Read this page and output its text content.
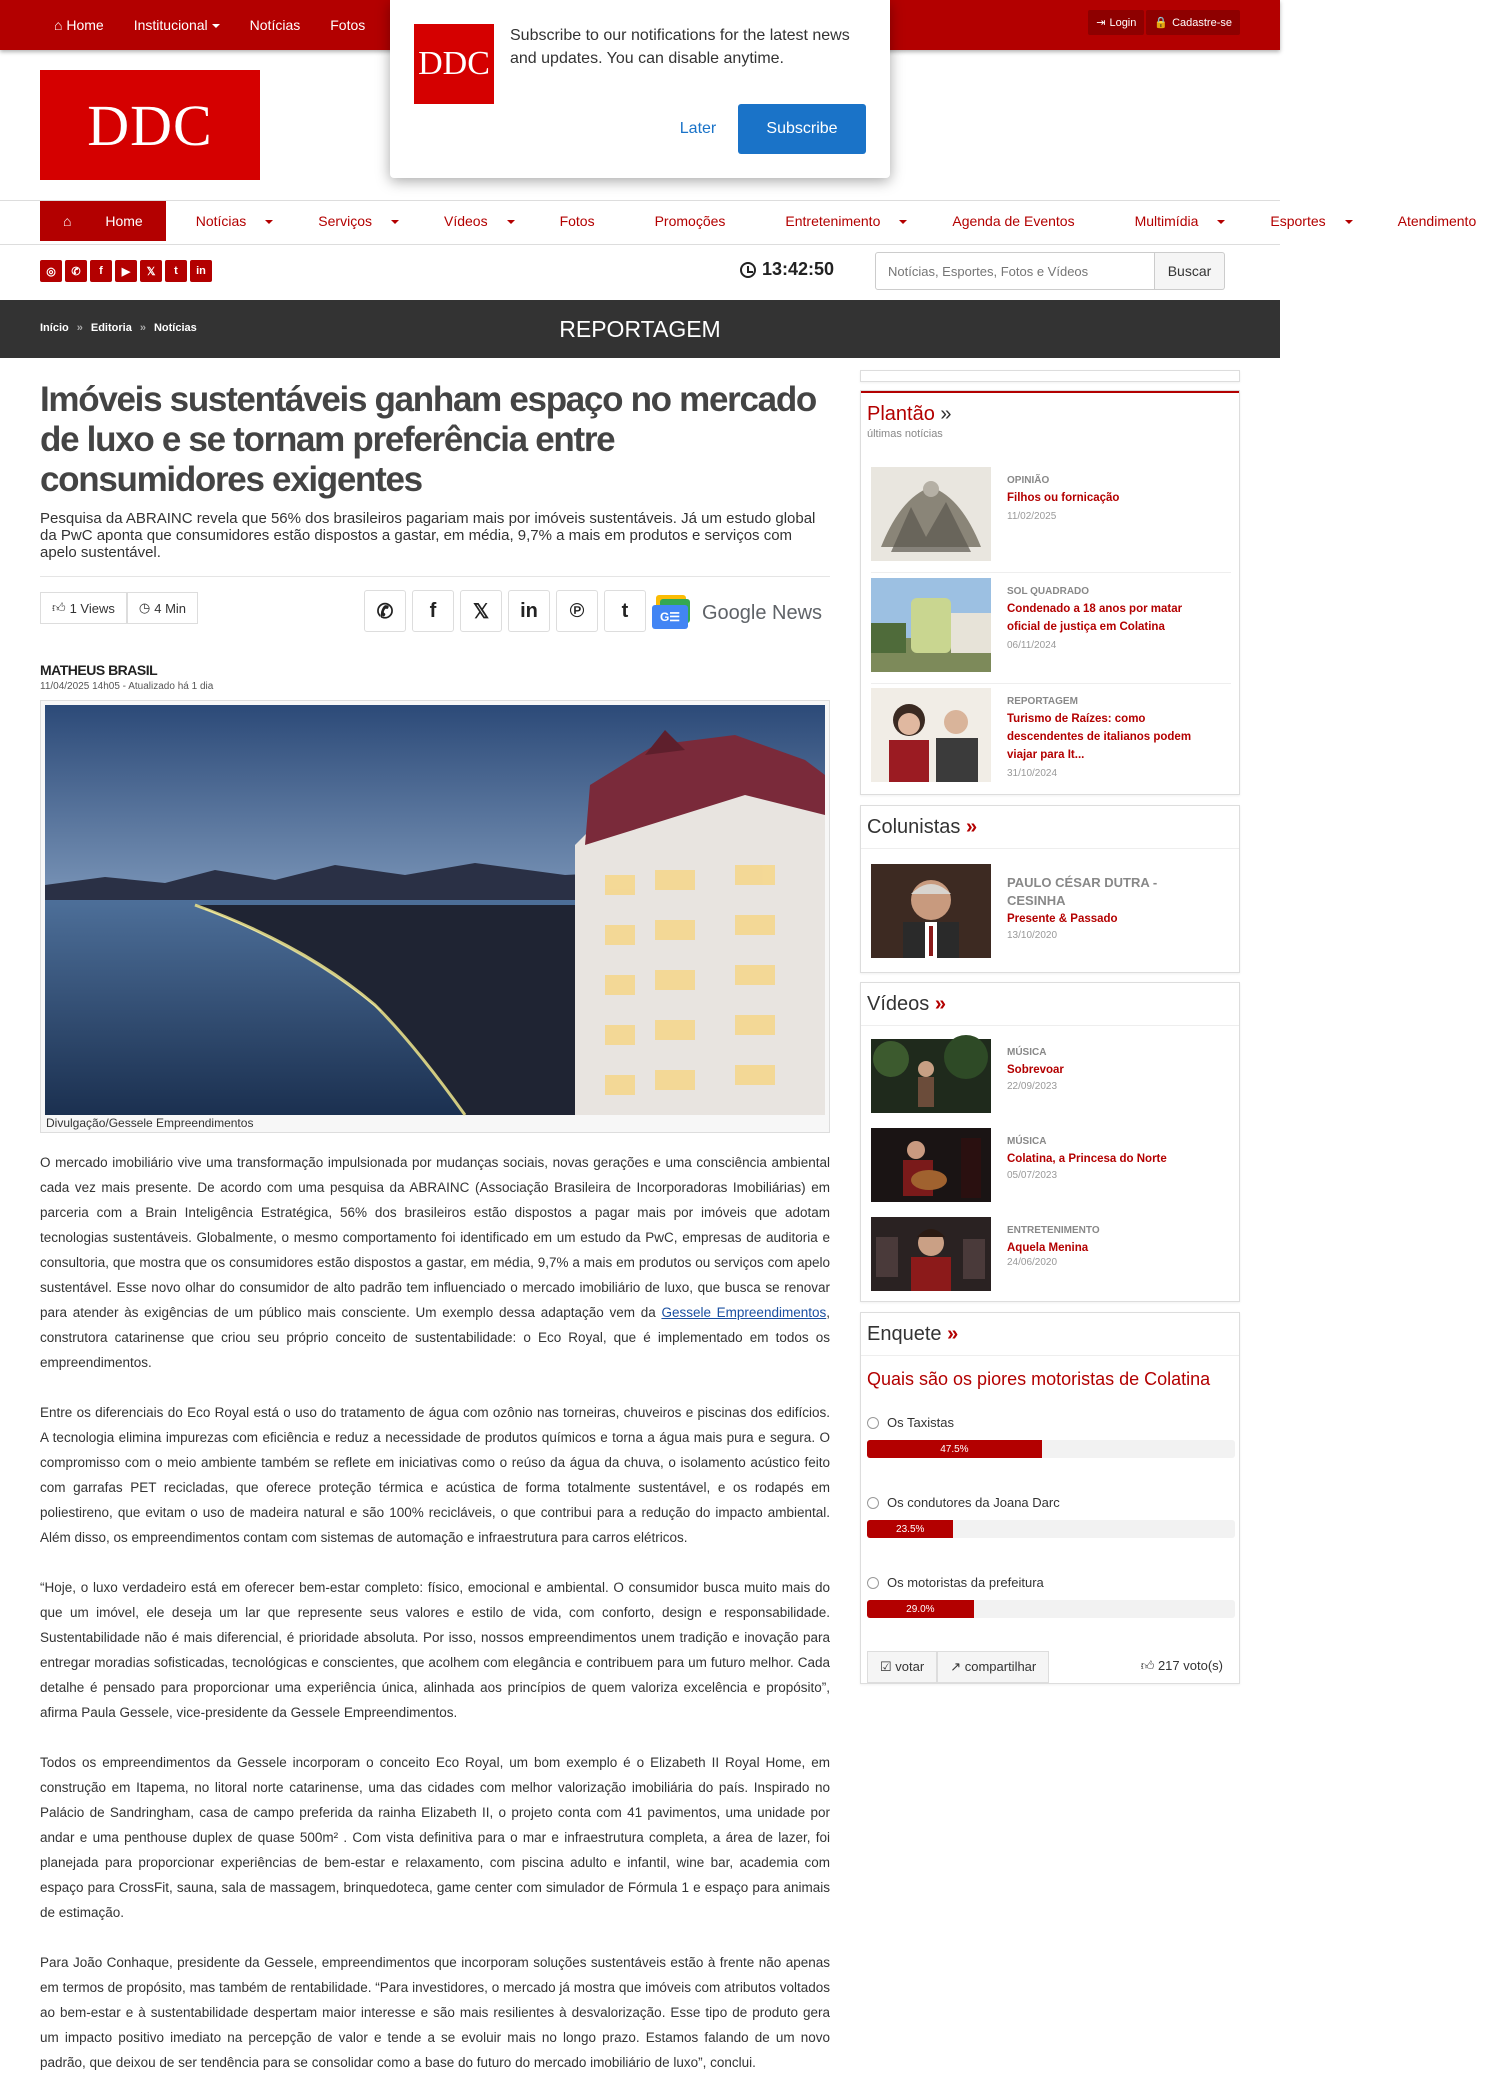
⌂ Home Institucional	Notícias Fotos	⇥ Login 🔒 Cadastre-se
DDC
DDC
Subscribe to our notifications for the latest news and updates. You can disable anytime.
Later	Subscribe
⌂
	Home	Notícias	Serviços	Vídeos	Fotos	Promoções	Entretenimento	Agenda de Eventos	Multimídia	Esportes	Atendimento
◎	✆	f	▶	𝕏	t	in	13:42:50
Notícias, Esportes, Fotos e Vídeos	Buscar
Início » Editoria » Notícias	REPORTAGEM
Imóveis sustentáveis ganham espaço no mercado de luxo e se tornam preferência entre consumidores exigentes
Pesquisa da ABRAINC revela que 56% dos brasileiros pagariam mais por imóveis sustentáveis. Já um estudo global da PwC aponta que consumidores estão dispostos a gastar, em média, 9,7% a mais em produtos e serviços com apelo sustentável.
👍︎ 1 Views ◷ 4 Min	✆	f	𝕏	in	℗	t	G☰	Google News
MATHEUS BRASIL
11/04/2025 14h05 - Atualizado há 1 dia
Divulgação/Gessele Empreendimentos

O mercado imobiliário vive uma transformação impulsionada por mudanças sociais, novas gerações e uma consciência ambiental cada vez mais presente. De acordo com uma pesquisa da ABRAINC (Associação Brasileira de Incorporadoras Imobiliárias) em parceria com a Brain Inteligência Estratégica, 56% dos brasileiros estão dispostos a pagar mais por imóveis que adotam tecnologias sustentáveis. Globalmente, o mesmo comportamento foi identificado em um estudo da PwC, empresas de auditoria e consultoria, que mostra que os consumidores estão dispostos a gastar, em média, 9,7% a mais em produtos ou serviços com apelo sustentável. Esse novo olhar do consumidor de alto padrão tem influenciado o mercado imobiliário de luxo, que busca se renovar para atender às exigências de um público mais consciente. Um exemplo dessa adaptação vem da Gessele Empreendimentos, construtora catarinense que criou seu próprio conceito de sustentabilidade: o Eco Royal, que é implementado em todos os empreendimentos.

Entre os diferenciais do Eco Royal está o uso do tratamento de água com ozônio nas torneiras, chuveiros e piscinas dos edifícios. A tecnologia elimina impurezas com eficiência e reduz a necessidade de produtos químicos e torna a água mais pura e segura. O compromisso com o meio ambiente também se reflete em iniciativas como o reúso da água da chuva, o isolamento acústico feito com garrafas PET recicladas, que oferece proteção térmica e acústica de forma totalmente sustentável, e os rodapés em poliestireno, que evitam o uso de madeira natural e são 100% recicláveis, o que contribui para a redução do impacto ambiental. Além disso, os empreendimentos contam com sistemas de automação e infraestrutura para carros elétricos.

“Hoje, o luxo verdadeiro está em oferecer bem-estar completo: físico, emocional e ambiental. O consumidor busca muito mais do que um imóvel, ele deseja um lar que represente seus valores e estilo de vida, com conforto, design e responsabilidade. Sustentabilidade não é mais diferencial, é prioridade absoluta. Por isso, nossos empreendimentos unem tradição e inovação para entregar moradias sofisticadas, tecnológicas e conscientes, que acolhem com elegância e contribuem para um futuro melhor. Cada detalhe é pensado para proporcionar uma experiência única, alinhada aos princípios de quem valoriza excelência e propósito”, afirma Paula Gessele, vice-presidente da Gessele Empreendimentos.

Todos os empreendimentos da Gessele incorporam o conceito Eco Royal, um bom exemplo é o Elizabeth II Royal Home, em construção em Itapema, no litoral norte catarinense, uma das cidades com melhor valorização imobiliária do país. Inspirado no Palácio de Sandringham, casa de campo preferida da rainha Elizabeth II, o projeto conta com 41 pavimentos, uma unidade por andar e uma penthouse duplex de quase 500m² . Com vista definitiva para o mar e infraestrutura completa, a área de lazer, foi planejada para proporcionar experiências de bem-estar e relaxamento, com piscina adulto e infantil, wine bar, academia com espaço para CrossFit, sauna, sala de massagem, brinquedoteca, game center com simulador de Fórmula 1 e espaço para animais de estimação.

Para João Conhaque, presidente da Gessele, empreendimentos que incorporam soluções sustentáveis estão à frente não apenas em termos de propósito, mas também de rentabilidade. “Para investidores, o mercado já mostra que imóveis com atributos voltados ao bem-estar e à sustentabilidade despertam maior interesse e são mais resilientes à desvalorização. Esse tipo de produto gera um impacto positivo imediato na percepção de valor e tende a se evoluir mais no longo prazo. Estamos falando de um novo padrão, que deixou de ser tendência para se consolidar como a base do futuro do mercado imobiliário de luxo”, conclui.

Plantão »
últimas notícias
OPINIÃO
Filhos ou fornicação
11/02/2025
SOL QUADRADO
Condenado a 18 anos por matar oficial de justiça em Colatina
06/11/2024
REPORTAGEM
Turismo de Raízes: como descendentes de italianos podem viajar para It...
31/10/2024
Colunistas »
PAULO CÉSAR DUTRA - CESINHA
Presente & Passado
13/10/2020
Vídeos »
MÚSICA
Sobrevoar
22/09/2023
MÚSICA
Colatina, a Princesa do Norte
05/07/2023
ENTRETENIMENTO
Aquela Menina
24/06/2020
Enquete »
Quais são os piores motoristas de Colatina
Os Taxistas
47.5%
Os condutores da Joana Darc
23.5%
Os motoristas da prefeitura
29.0%
☑ votar	↗ compartilhar	👍︎ 217 voto(s)
